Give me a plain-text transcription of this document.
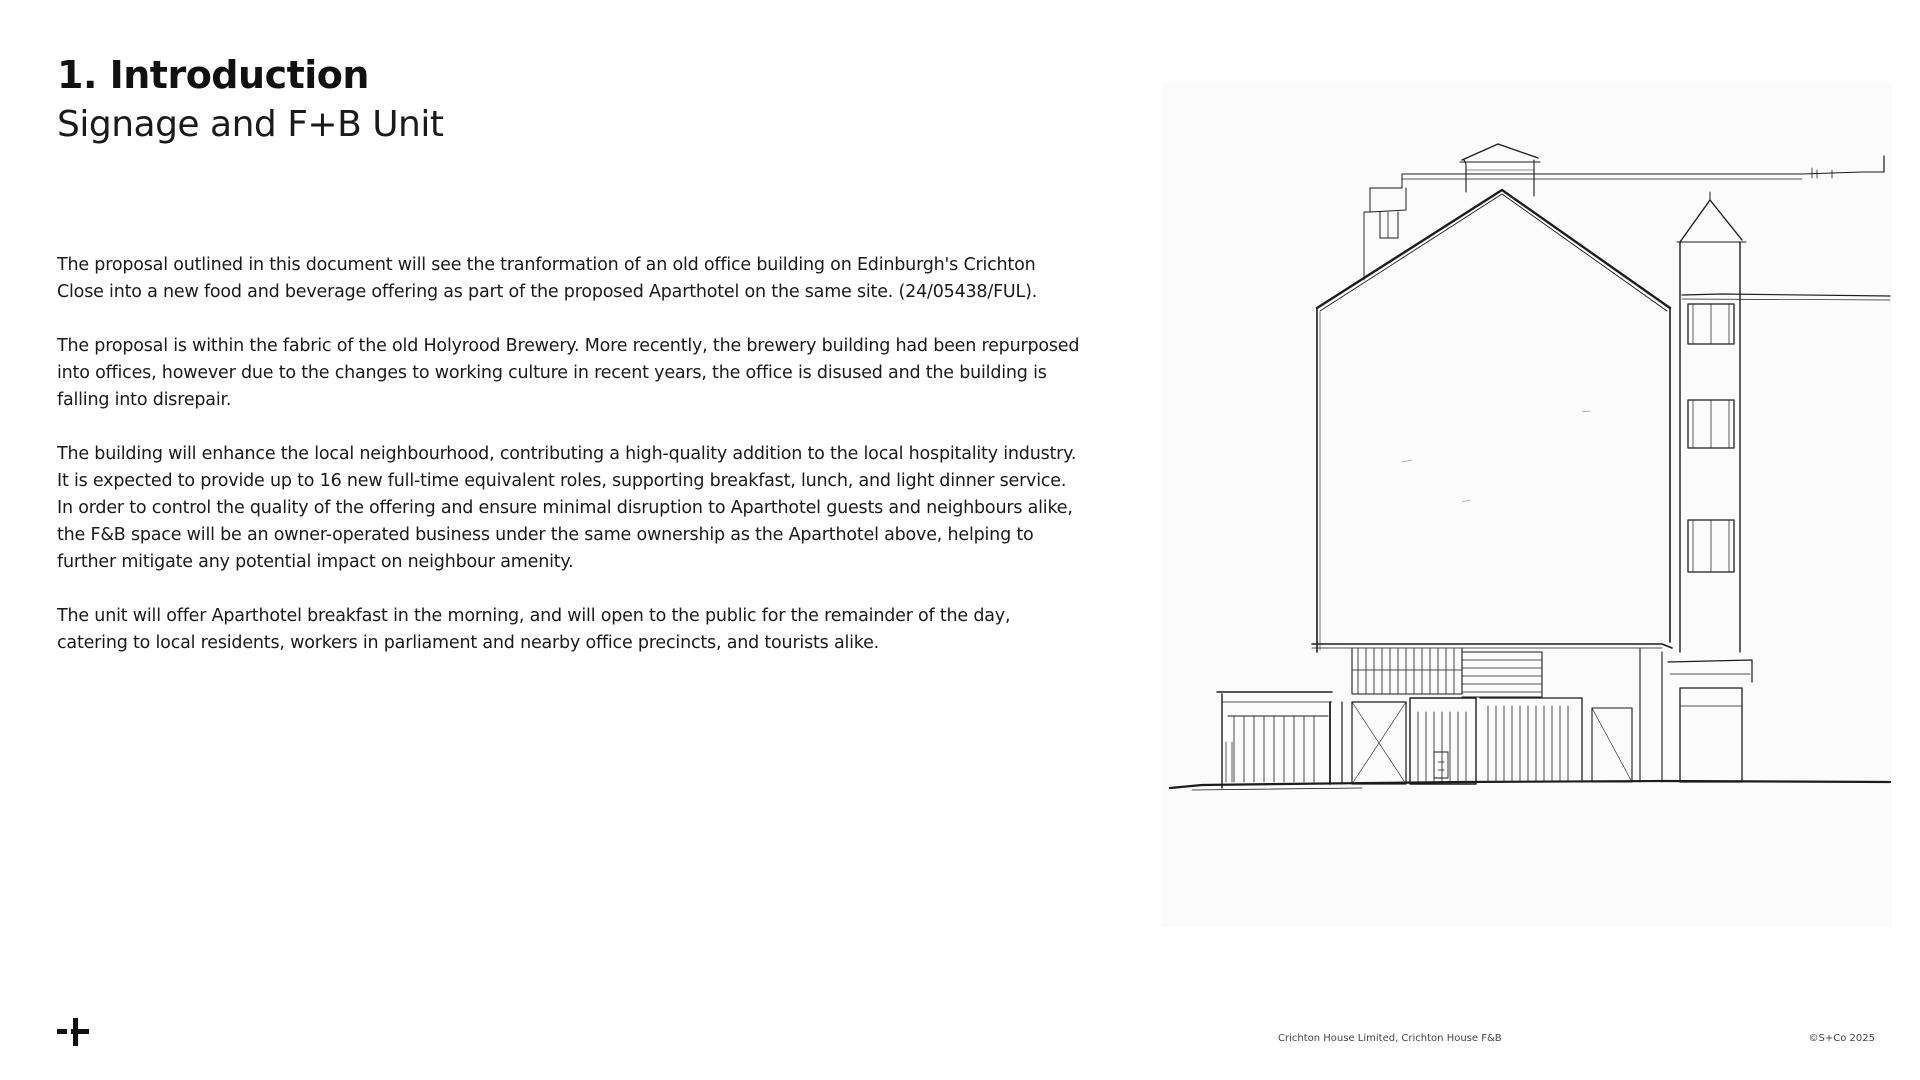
1. Introduction
Signage and F+B Unit

The proposal outlined in this document will see the tranformation of an old office building on Edinburgh's Crichton Close into a new food and beverage offering as part of the proposed Aparthotel on the same site. (24/05438/FUL).

The proposal is within the fabric of the old Holyrood Brewery. More recently, the brewery building had been repurposed into offices, however due to the changes to working culture in recent years, the office is disused and the building is falling into disrepair.

The building will enhance the local neighbourhood, contributing a high-quality addition to the local hospitality industry. It is expected to provide up to 16 new full-time equivalent roles, supporting breakfast, lunch, and light dinner service. In order to control the quality of the offering and ensure minimal disruption to Aparthotel guests and neighbours alike, the F&B space will be an owner-operated business under the same ownership as the Aparthotel above, helping to further mitigate any potential impact on neighbour amenity.

The unit will offer Aparthotel breakfast in the morning, and will open to the public for the remainder of the day, catering to local residents, workers in parliament and nearby office precincts, and tourists alike.

Crichton House Limited, Crichton House F&B	©S+Co 2025
